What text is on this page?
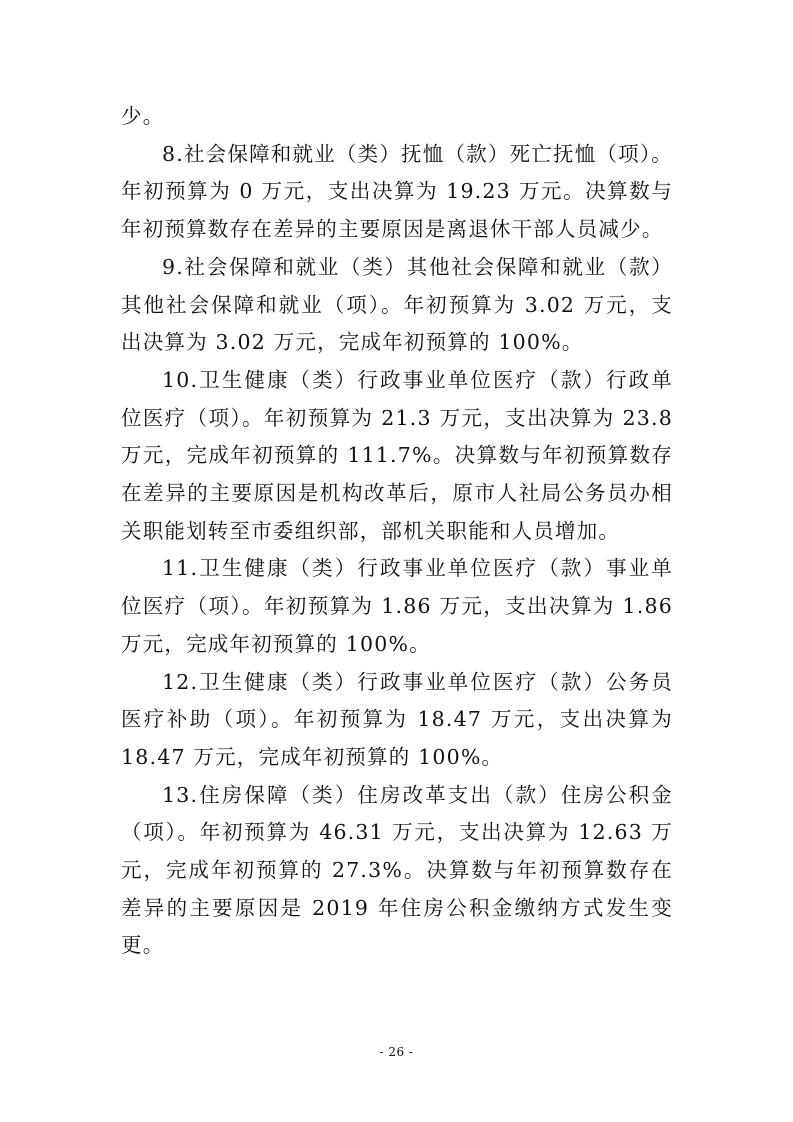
少。

8.社会保障和就业（类）抚恤（款）死亡抚恤（项）。年初预算为 0 万元，支出决算为 19.23 万元。决算数与年初预算数存在差异的主要原因是离退休干部人员减少。

9.社会保障和就业（类）其他社会保障和就业（款）其他社会保障和就业（项）。年初预算为 3.02 万元，支出决算为 3.02 万元，完成年初预算的 100%。

10.卫生健康（类）行政事业单位医疗（款）行政单位医疗（项）。年初预算为 21.3 万元，支出决算为 23.8 万元，完成年初预算的 111.7%。决算数与年初预算数存在差异的主要原因是机构改革后，原市人社局公务员办相关职能划转至市委组织部，部机关职能和人员增加。

11.卫生健康（类）行政事业单位医疗（款）事业单位医疗（项）。年初预算为 1.86 万元，支出决算为 1.86 万元，完成年初预算的 100%。

12.卫生健康（类）行政事业单位医疗（款）公务员医疗补助（项）。年初预算为 18.47 万元，支出决算为 18.47 万元，完成年初预算的 100%。

13.住房保障（类）住房改革支出（款）住房公积金（项）。年初预算为 46.31 万元，支出决算为 12.63 万元，完成年初预算的 27.3%。决算数与年初预算数存在差异的主要原因是 2019 年住房公积金缴纳方式发生变更。

- 26 -
